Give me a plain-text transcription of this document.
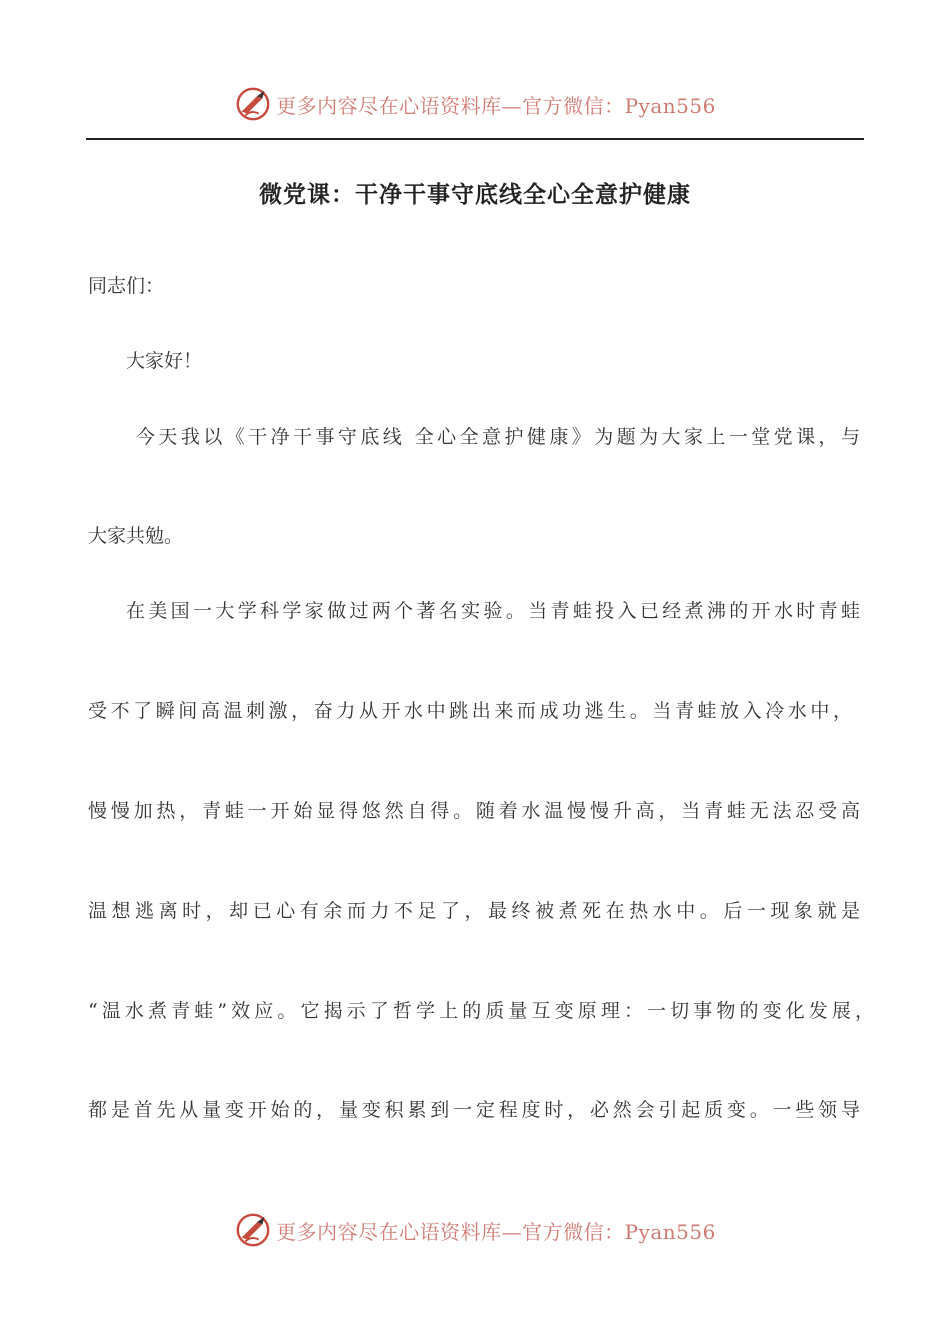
更多内容尽在心语资料库—官方微信：Pyan556
微党课：干净干事守底线全心全意护健康
同志们：
大家好！
今天我以《干净干事守底线 全心全意护健康》为题为大家上一堂党课，与
大家共勉。
在美国一大学科学家做过两个著名实验。当青蛙投入已经煮沸的开水时青蛙
受不了瞬间高温刺激，奋力从开水中跳出来而成功逃生。当青蛙放入冷水中，
慢慢加热，青蛙一开始显得悠然自得。随着水温慢慢升高，当青蛙无法忍受高
温想逃离时，却已心有余而力不足了，最终被煮死在热水中。后一现象就是
“温水煮青蛙”效应。它揭示了哲学上的质量互变原理：一切事物的变化发展，
都是首先从量变开始的，量变积累到一定程度时，必然会引起质变。一些领导
更多内容尽在心语资料库—官方微信：Pyan556
